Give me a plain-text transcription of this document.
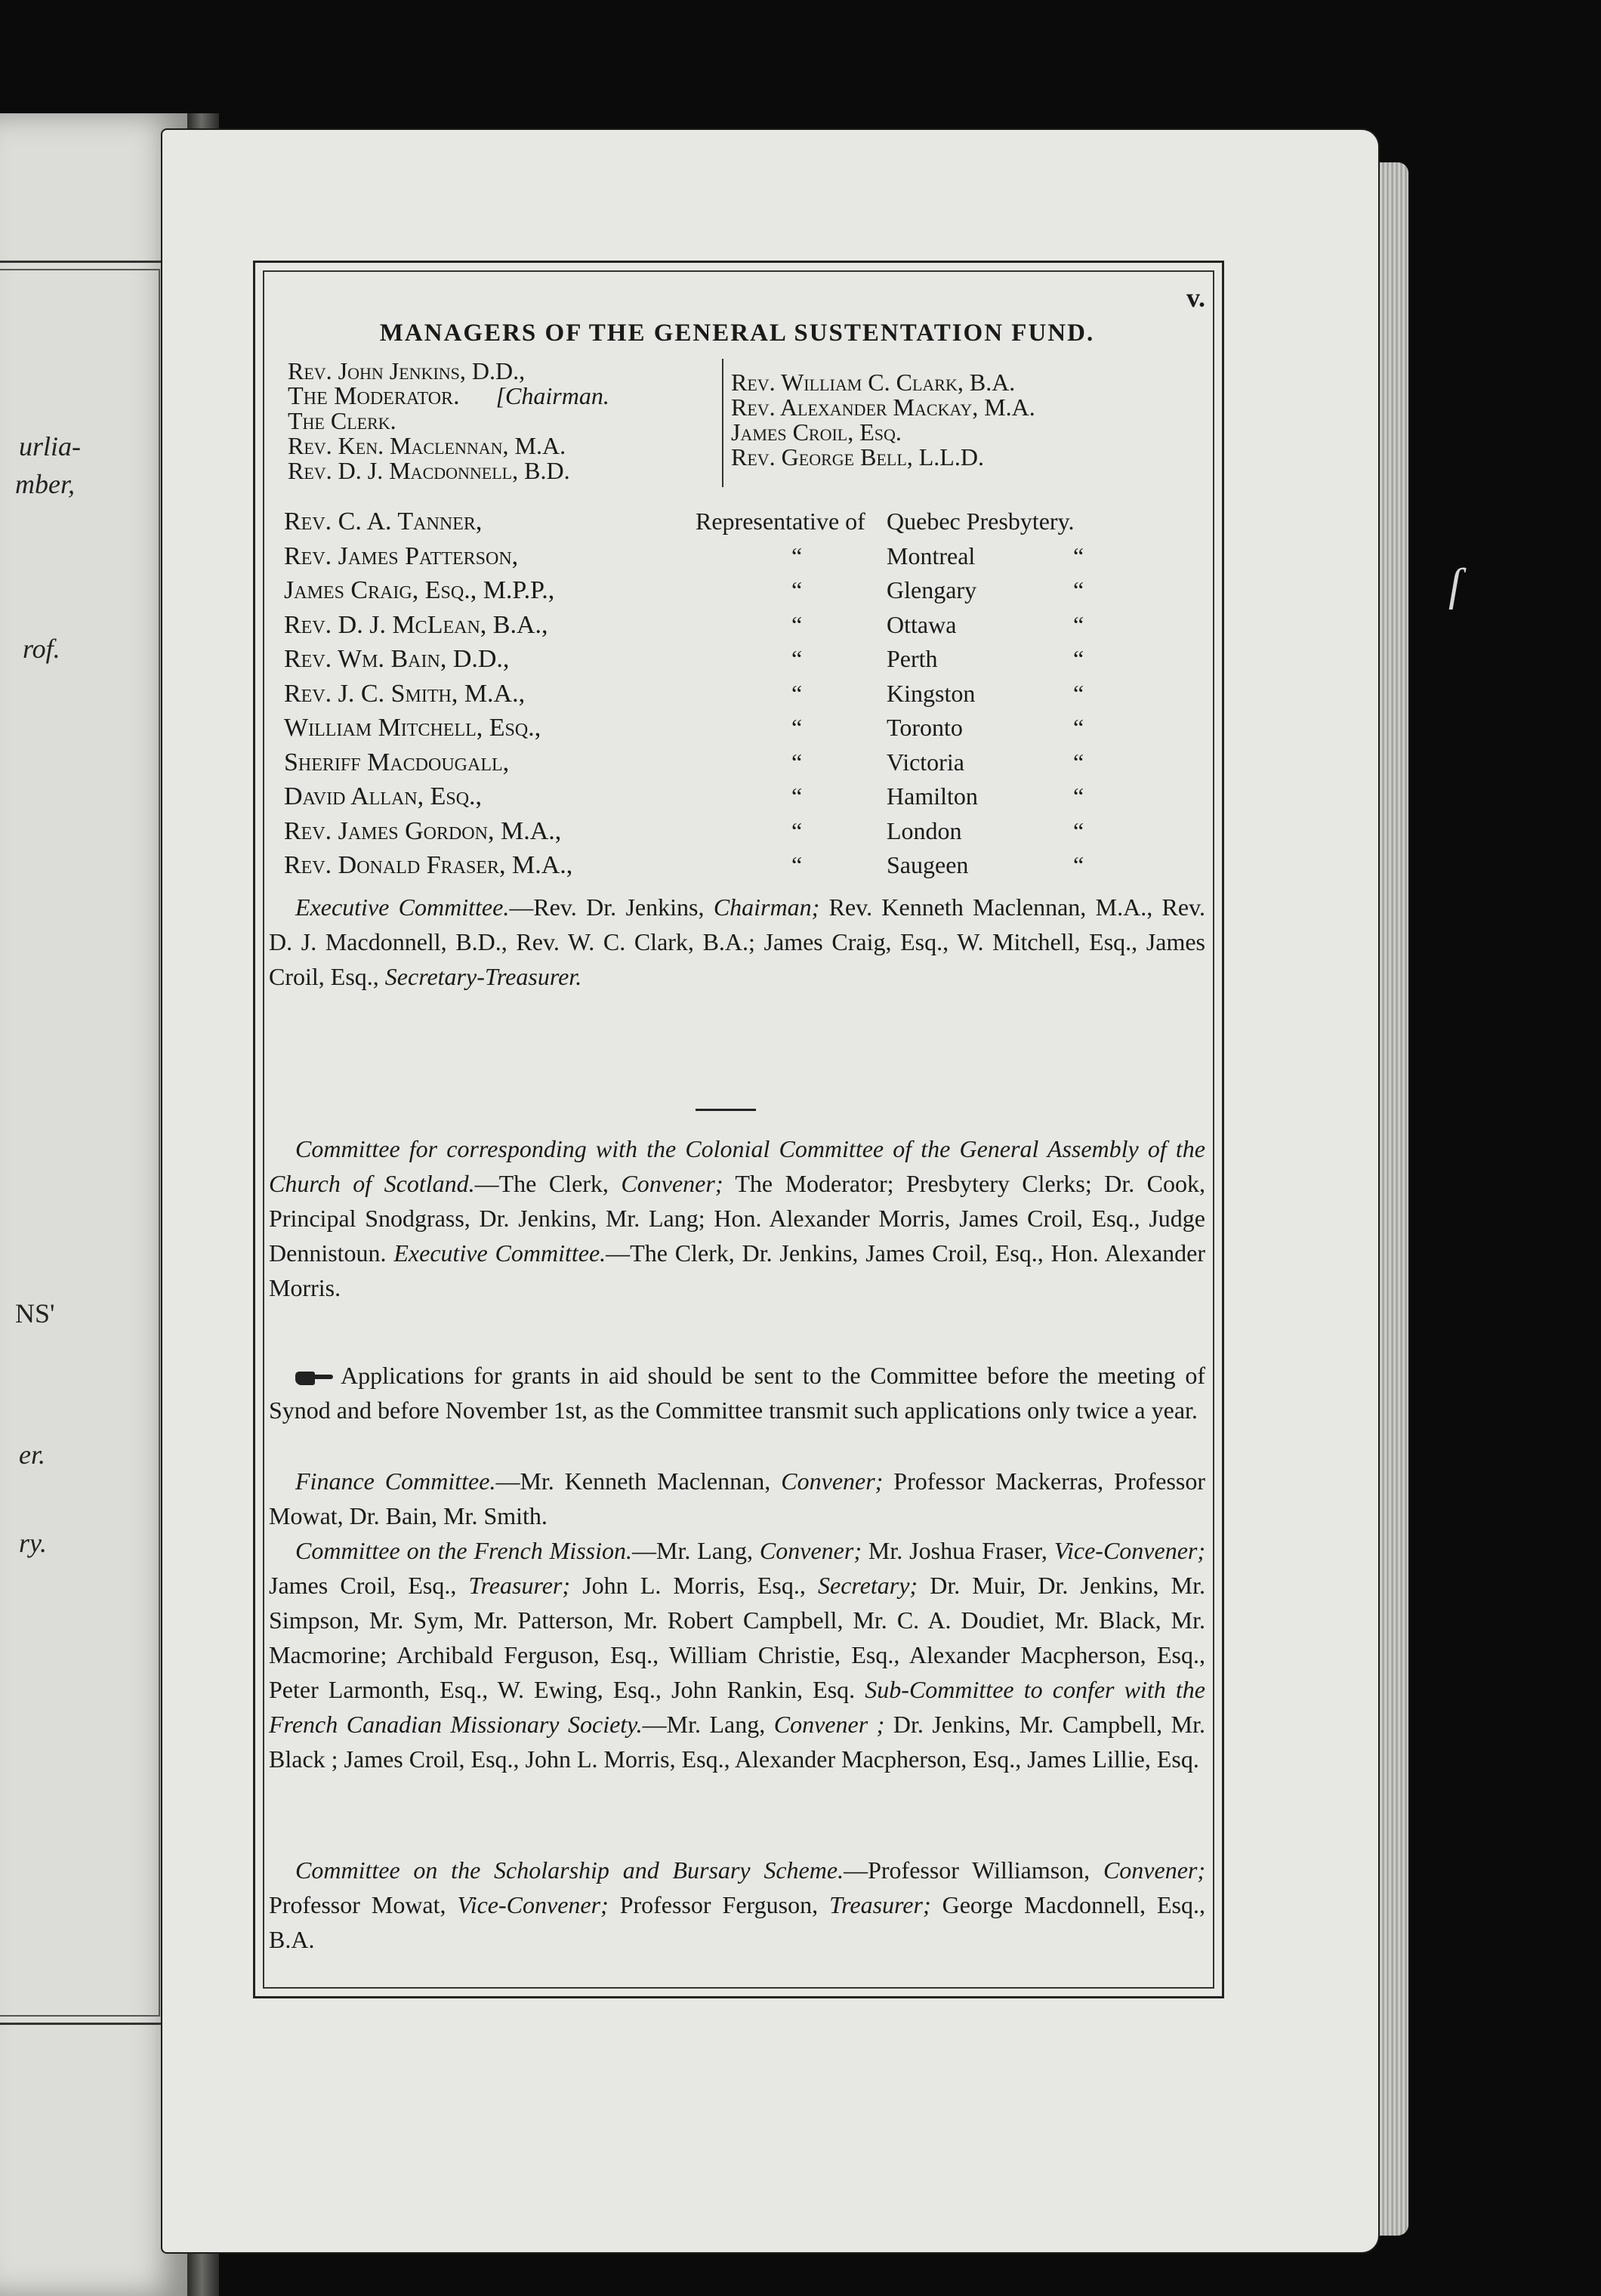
urlia-
mber,
rof.
NS'
er.
ry.
v.
MANAGERS OF THE GENERAL SUSTENTATION FUND.
Rev. John Jenkins, D.D.,
The Moderator. [Chairman.
The Clerk.
Rev. Ken. Maclennan, M.A.
Rev. D. J. Macdonnell, B.D.
Rev. William C. Clark, B.A.
Rev. Alexander Mackay, M.A.
James Croil, Esq.
Rev. George Bell, L.L.D.
Rev. C. A. Tanner,	Representative of Quebec Presbytery.
Rev. James Patterson,	“	Montreal	“
James Craig, Esq., M.P.P.,	“	Glengary	“
Rev. D. J. McLean, B.A.,	“	Ottawa	“
Rev. Wm. Bain, D.D.,	“	Perth	“
Rev. J. C. Smith, M.A.,	“	Kingston	“
William Mitchell, Esq.,	“	Toronto	“
Sheriff Macdougall,	“	Victoria	“
David Allan, Esq.,	“	Hamilton	“
Rev. James Gordon, M.A.,	“	London	“
Rev. Donald Fraser, M.A.,	“	Saugeen	“
Executive Committee.—Rev. Dr. Jenkins, Chairman; Rev. Kenneth Maclennan, M.A., Rev. D. J. Macdonnell, B.D., Rev. W. C. Clark, B.A.; James Craig, Esq., W. Mitchell, Esq., James Croil, Esq., Secretary-Treasurer.
Committee for corresponding with the Colonial Committee of the General Assembly of the Church of Scotland.—The Clerk, Convener; The Moderator; Presbytery Clerks; Dr. Cook, Principal Snodgrass, Dr. Jenkins, Mr. Lang; Hon. Alexander Morris, James Croil, Esq., Judge Dennistoun. Executive Committee.—The Clerk, Dr. Jenkins, James Croil, Esq., Hon. Alexander Morris.
Applications for grants in aid should be sent to the Committee before the meeting of Synod and before November 1st, as the Committee transmit such applications only twice a year.
Finance Committee.—Mr. Kenneth Maclennan, Convener; Professor Mackerras, Professor Mowat, Dr. Bain, Mr. Smith.
Committee on the French Mission.—Mr. Lang, Convener; Mr. Joshua Fraser, Vice-Convener; James Croil, Esq., Treasurer; John L. Morris, Esq., Secretary; Dr. Muir, Dr. Jenkins, Mr. Simpson, Mr. Sym, Mr. Patterson, Mr. Robert Campbell, Mr. C. A. Doudiet, Mr. Black, Mr. Macmorine; Archibald Ferguson, Esq., William Christie, Esq., Alexander Macpherson, Esq., Peter Larmonth, Esq., W. Ewing, Esq., John Rankin, Esq. Sub-Committee to confer with the French Canadian Missionary Society.—Mr. Lang, Convener ; Dr. Jenkins, Mr. Campbell, Mr. Black ; James Croil, Esq., John L. Morris, Esq., Alexander Macpherson, Esq., James Lillie, Esq.
Committee on the Scholarship and Bursary Scheme.—Professor Williamson, Convener; Professor Mowat, Vice-Convener; Professor Ferguson, Treasurer; George Macdonnell, Esq., B.A.
ſ
